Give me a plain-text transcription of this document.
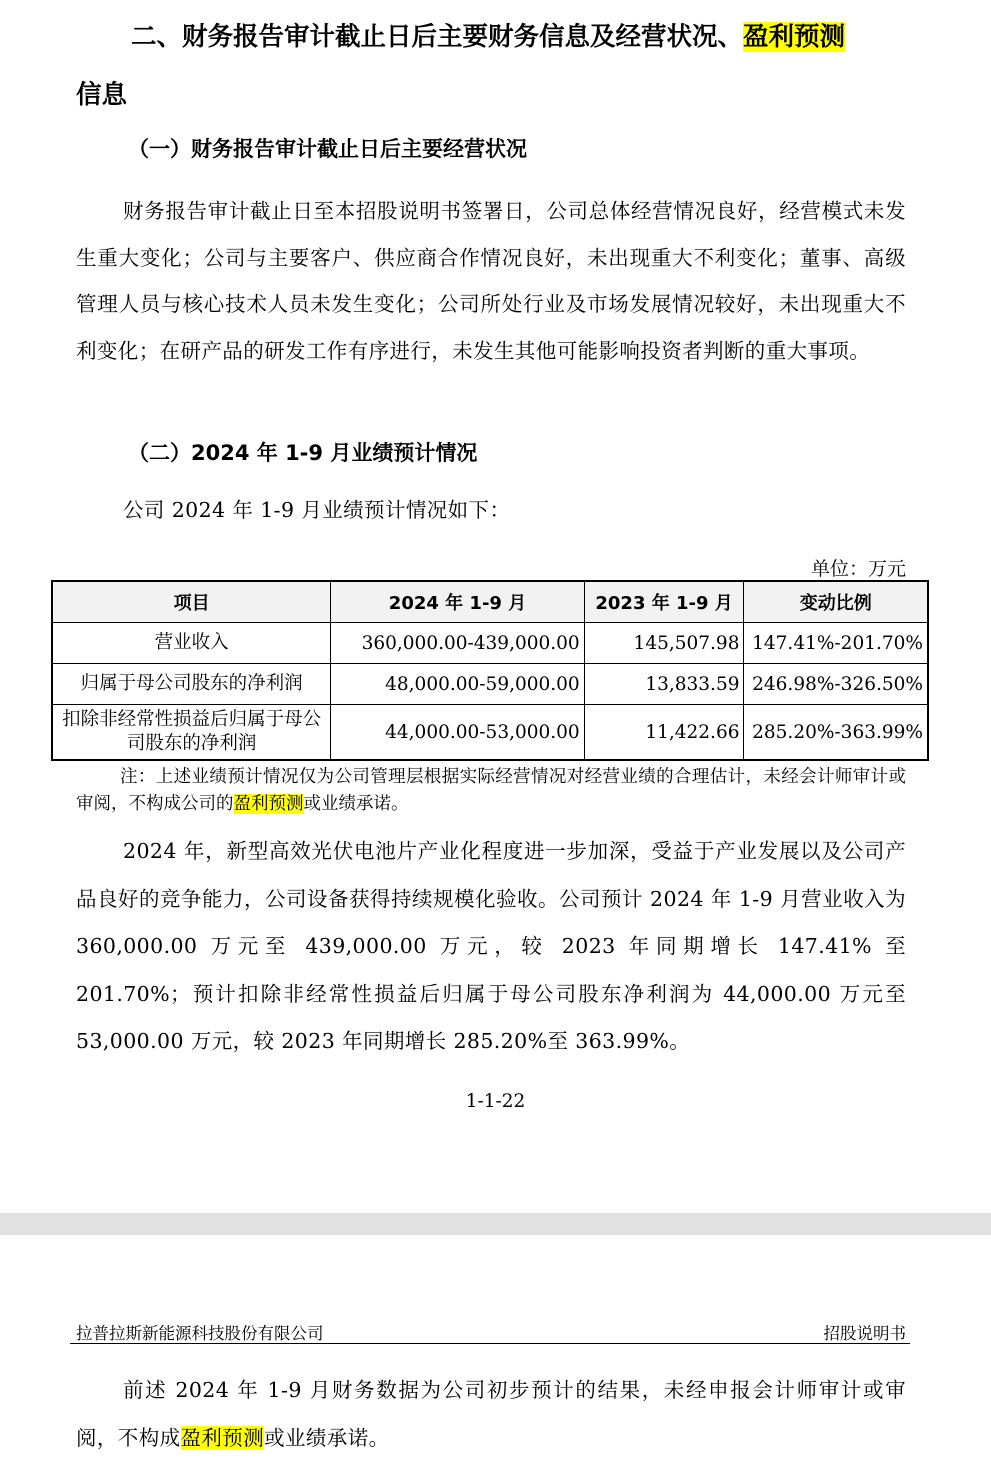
二、财务报告审计截止日后主要财务信息及经营状况、盈利预测
信息
（一）财务报告审计截止日后主要经营状况
财务报告审计截止日至本招股说明书签署日，公司总体经营情况良好，经营模式未发生重大变化；公司与主要客户、供应商合作情况良好，未出现重大不利变化；董事、高级管理人员与核心技术人员未发生变化；公司所处行业及市场发展情况较好，未出现重大不利变化；在研产品的研发工作有序进行，未发生其他可能影响投资者判断的重大事项。
（二）2024 年 1-9 月业绩预计情况
公司 2024 年 1-9 月业绩预计情况如下：
单位：万元
项目	2024 年 1-9 月	2023 年 1-9 月	变动比例
营业收入	360,000.00-439,000.00	145,507.98	147.41%-201.70%
归属于母公司股东的净利润	48,000.00-59,000.00	13,833.59	246.98%-326.50%
扣除非经常性损益后归属于母公司股东的净利润	44,000.00-53,000.00	11,422.66	285.20%-363.99%
注：上述业绩预计情况仅为公司管理层根据实际经营情况对经营业绩的合理估计，未经会计师审计或审阅，不构成公司的盈利预测或业绩承诺。
2024 年，新型高效光伏电池片产业化程度进一步加深，受益于产业发展以及公司产品良好的竞争能力，公司设备获得持续规模化验收。公司预计 2024 年 1-9 月营业收入为 360,000.00 万元至 439,000.00 万元，较 2023 年同期增长 147.41% 至 201.70%；预计扣除非经常性损益后归属于母公司股东净利润为 44,000.00 万元至 53,000.00 万元，较 2023 年同期增长 285.20%至 363.99%。
1-1-22
拉普拉斯新能源科技股份有限公司	招股说明书
前述 2024 年 1-9 月财务数据为公司初步预计的结果，未经申报会计师审计或审阅，不构成盈利预测或业绩承诺。
